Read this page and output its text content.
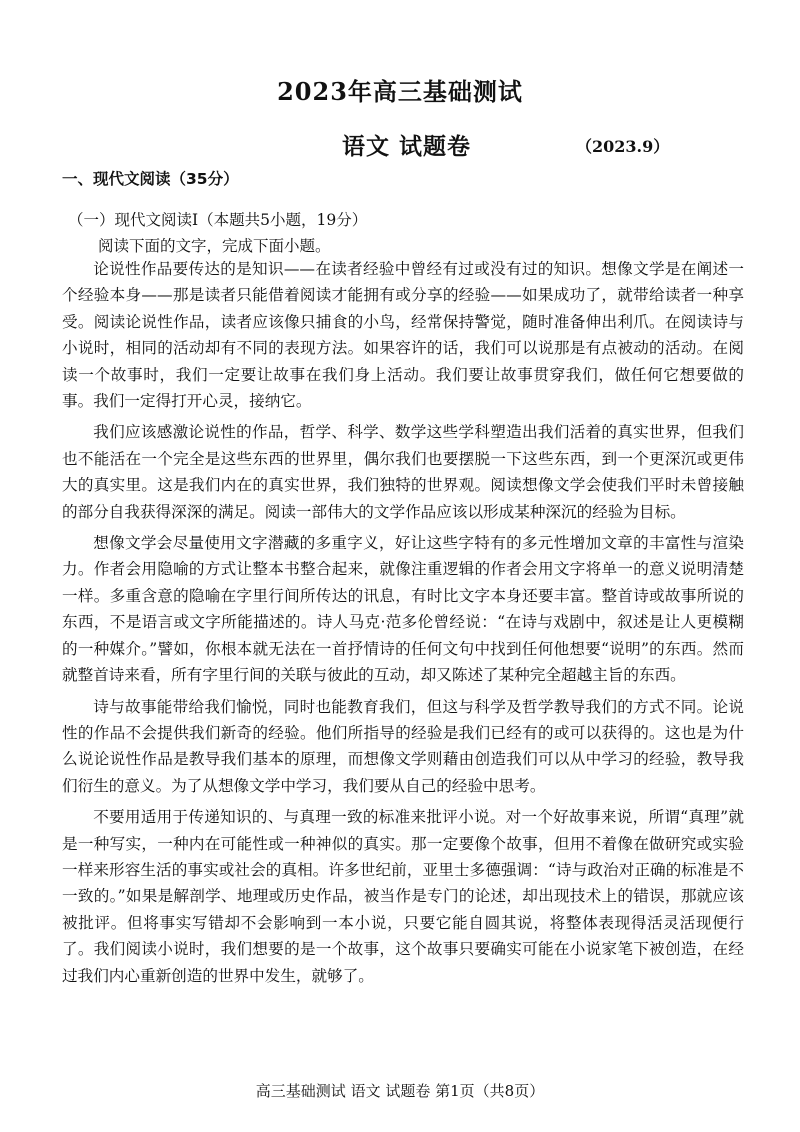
2023年高三基础测试
语文 试题卷	（2023.9）
一、现代文阅读（35分）
（一）现代文阅读Ⅰ（本题共5小题，19分）
阅读下面的文字，完成下面小题。

论说性作品要传达的是知识——在读者经验中曾经有过或没有过的知识。想像文学是在阐述一个经验本身——那是读者只能借着阅读才能拥有或分享的经验——如果成功了，就带给读者一种享受。阅读论说性作品，读者应该像只捕食的小鸟，经常保持警觉，随时准备伸出利爪。在阅读诗与小说时，相同的活动却有不同的表现方法。如果容许的话，我们可以说那是有点被动的活动。在阅读一个故事时，我们一定要让故事在我们身上活动。我们要让故事贯穿我们，做任何它想要做的事。我们一定得打开心灵，接纳它。

我们应该感激论说性的作品，哲学、科学、数学这些学科塑造出我们活着的真实世界，但我们也不能活在一个完全是这些东西的世界里，偶尔我们也要摆脱一下这些东西，到一个更深沉或更伟大的真实里。这是我们内在的真实世界，我们独特的世界观。阅读想像文学会使我们平时未曾接触的部分自我获得深深的满足。阅读一部伟大的文学作品应该以形成某种深沉的经验为目标。

想像文学会尽量使用文字潜藏的多重字义，好让这些字特有的多元性增加文章的丰富性与渲染力。作者会用隐喻的方式让整本书整合起来，就像注重逻辑的作者会用文字将单一的意义说明清楚一样。多重含意的隐喻在字里行间所传达的讯息，有时比文字本身还要丰富。整首诗或故事所说的东西，不是语言或文字所能描述的。诗人马克·范多伦曾经说：“在诗与戏剧中，叙述是让人更模糊的一种媒介。”譬如，你根本就无法在一首抒情诗的任何文句中找到任何他想要“说明”的东西。然而就整首诗来看，所有字里行间的关联与彼此的互动，却又陈述了某种完全超越主旨的东西。

诗与故事能带给我们愉悦，同时也能教育我们，但这与科学及哲学教导我们的方式不同。论说性的作品不会提供我们新奇的经验。他们所指导的经验是我们已经有的或可以获得的。这也是为什么说论说性作品是教导我们基本的原理，而想像文学则藉由创造我们可以从中学习的经验，教导我们衍生的意义。为了从想像文学中学习，我们要从自己的经验中思考。

不要用适用于传递知识的、与真理一致的标准来批评小说。对一个好故事来说，所谓“真理”就是一种写实，一种内在可能性或一种神似的真实。那一定要像个故事，但用不着像在做研究或实验一样来形容生活的事实或社会的真相。许多世纪前，亚里士多德强调：“诗与政治对正确的标准是不一致的。”如果是解剖学、地理或历史作品，被当作是专门的论述，却出现技术上的错误，那就应该被批评。但将事实写错却不会影响到一本小说，只要它能自圆其说，将整体表现得活灵活现便行了。我们阅读小说时，我们想要的是一个故事，这个故事只要确实可能在小说家笔下被创造，在经过我们内心重新创造的世界中发生，就够了。

高三基础测试 语文 试题卷 第1页（共8页）
